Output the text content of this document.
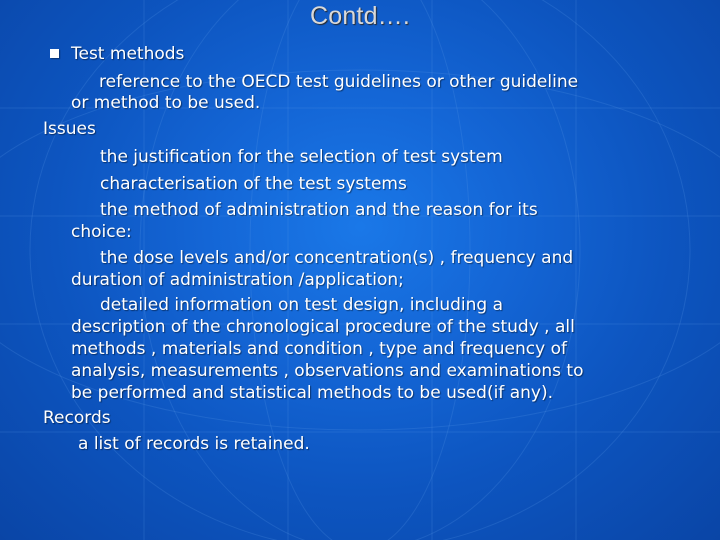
Contd….
Test methods
reference to the OECD test guidelines or other guideline
or method to be used.
Issues
the justification for the selection of test system
characterisation of the test systems
the method of administration and the reason for its
choice:
the dose levels and/or concentration(s) , frequency and
duration of administration /application;
detailed information on test design, including a
description of the chronological procedure of the study , all
methods , materials and condition , type and frequency of
analysis, measurements , observations and examinations to
be performed and statistical methods to be used(if any).
Records
a list of records is retained.
